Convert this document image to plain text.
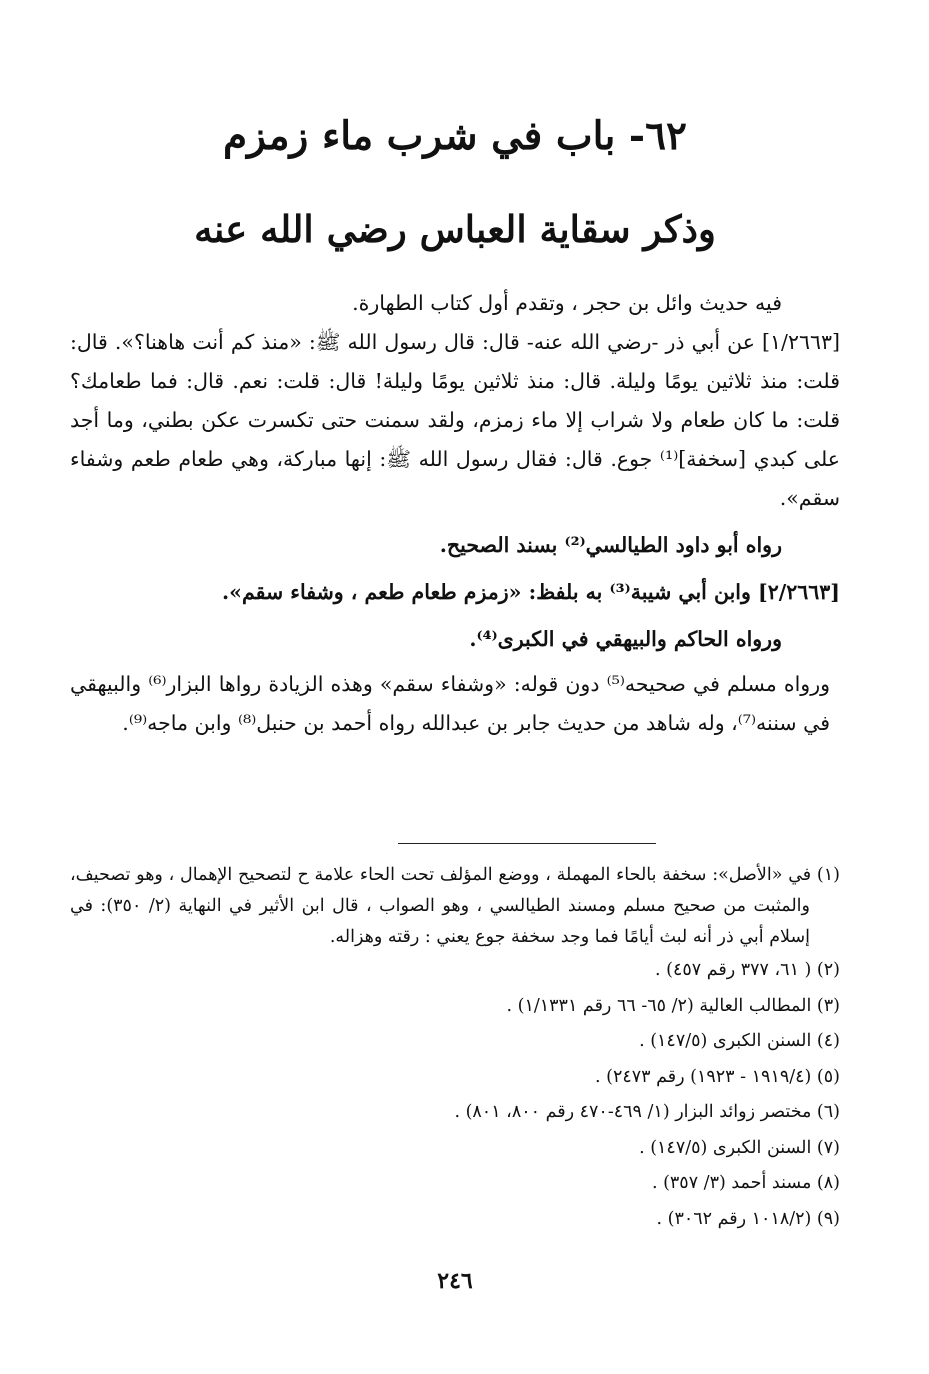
٦٢- باب في شرب ماء زمزم
وذكر سقاية العباس رضي الله عنه

فيه حديث وائل بن حجر ، وتقدم أول كتاب الطهارة.

[١/٢٦٦٣] عن أبي ذر -رضي الله عنه- قال: قال رسول الله ﷺ: «منذ كم أنت هاهنا؟». قال: قلت: منذ ثلاثين يومًا وليلة. قال: منذ ثلاثين يومًا وليلة! قال: قلت: نعم. قال: فما طعامك؟ قلت: ما كان طعام ولا شراب إلا ماء زمزم، ولقد سمنت حتى تكسرت عكن بطني، وما أجد على كبدي [سخفة]⁽¹⁾ جوع. قال: فقال رسول الله ﷺ: إنها مباركة، وهي طعام طعم وشفاء سقم».

رواه أبو داود الطيالسي⁽²⁾ بسند الصحيح.

[٢/٢٦٦٣] وابن أبي شيبة⁽³⁾ به بلفظ: «زمزم طعام طعم ، وشفاء سقم».

ورواه الحاكم والبيهقي في الكبرى⁽⁴⁾.

ورواه مسلم في صحيحه⁽⁵⁾ دون قوله: «وشفاء سقم» وهذه الزيادة رواها البزار⁽⁶⁾ والبيهقي في سننه⁽⁷⁾، وله شاهد من حديث جابر بن عبدالله رواه أحمد بن حنبل⁽⁸⁾ وابن ماجه⁽⁹⁾.

(١) في «الأصل»: سخفة بالحاء المهملة ، ووضع المؤلف تحت الحاء علامة ح لتصحيح الإهمال ، وهو تصحيف، والمثبت من صحيح مسلم ومسند الطيالسي ، وهو الصواب ، قال ابن الأثير في النهاية (٢/ ٣٥٠): في إسلام أبي ذر أنه لبث أيامًا فما وجد سخفة جوع يعني : رقته وهزاله.

(٢) ( ٦١، ٣٧٧ رقم ٤٥٧) .

(٣) المطالب العالية (٢/ ٦٥- ٦٦ رقم ١/١٣٣١) .

(٤) السنن الكبرى (١٤٧/٥) .

(٥) (١٩١٩/٤ - ١٩٢٣) رقم ٢٤٧٣) .

(٦) مختصر زوائد البزار (١/ ٤٦٩-٤٧٠ رقم ٨٠٠، ٨٠١) .

(٧) السنن الكبرى (١٤٧/٥) .

(٨) مسند أحمد (٣/ ٣٥٧) .

(٩) (١٠١٨/٢ رقم ٣٠٦٢) .

٢٤٦
